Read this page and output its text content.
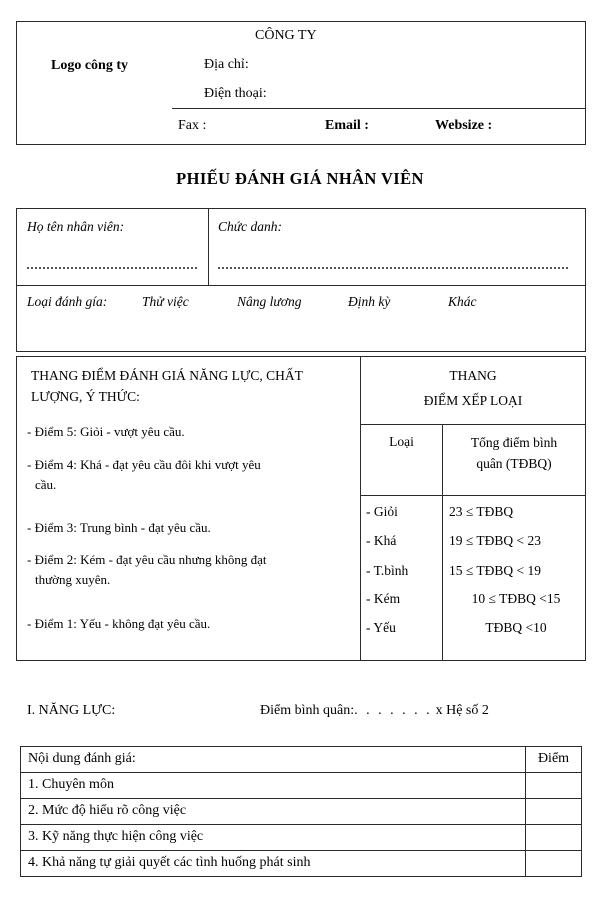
CÔNG TY
Logo công ty	Địa chỉ:
Điện thoại:
Fax :	Email :	Websize :
PHIẾU ĐÁNH GIÁ NHÂN VIÊN
Họ tên nhân viên:	Chức danh:
Loại đánh gía:	Thử việc	Nâng lương	Định kỳ	Khác
THANG ĐIỂM ĐÁNH GIÁ NĂNG LỰC, CHẤT LƯỢNG, Ý THỨC:
- Điểm 5: Giỏi - vượt yêu cầu.
- Điểm 4: Khá - đạt yêu cầu đôi khi vượt yêu
cầu.
- Điểm 3: Trung bình - đạt yêu cầu.
- Điểm 2: Kém - đạt yêu cầu nhưng không đạt
thường xuyên.
- Điểm 1: Yếu - không đạt yêu cầu.
THANG
ĐIỂM XẾP LOẠI
Loại	Tổng điểm bình
quân (TĐBQ)
- Giỏi	23 ≤ TĐBQ
- Khá	19 ≤ TĐBQ < 23
- T.bình	15 ≤ TĐBQ < 19
- Kém	10 ≤ TĐBQ <15
- Yếu	TĐBQ <10
I. NĂNG LỰC:	Điểm bình quân:. . . . . . . x Hệ số 2
Nội dung đánh giá:	Điểm
1. Chuyên môn	
2. Mức độ hiểu rõ công việc	
3. Kỹ năng thực hiện công việc	
4. Khả năng tự giải quyết các tình huống phát sinh	
